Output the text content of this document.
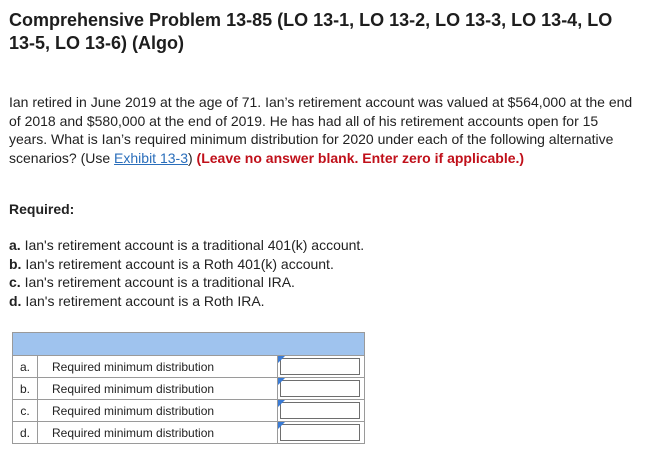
Comprehensive Problem 13-85 (LO 13-1, LO 13-2, LO 13-3, LO 13-4, LO 13-5, LO 13-6) (Algo)
Ian retired in June 2019 at the age of 71. Ian’s retirement account was valued at $564,000 at the end of 2018 and $580,000 at the end of 2019. He has had all of his retirement accounts open for 15 years. What is Ian’s required minimum distribution for 2020 under each of the following alternative scenarios? (Use Exhibit 13-3) (Leave no answer blank. Enter zero if applicable.)
Required:
a. Ian's retirement account is a traditional 401(k) account.
b. Ian's retirement account is a Roth 401(k) account.
c. Ian's retirement account is a traditional IRA.
d. Ian's retirement account is a Roth IRA.

a.	Required minimum distribution	

b.	Required minimum distribution	

c.	Required minimum distribution	

d.	Required minimum distribution	
